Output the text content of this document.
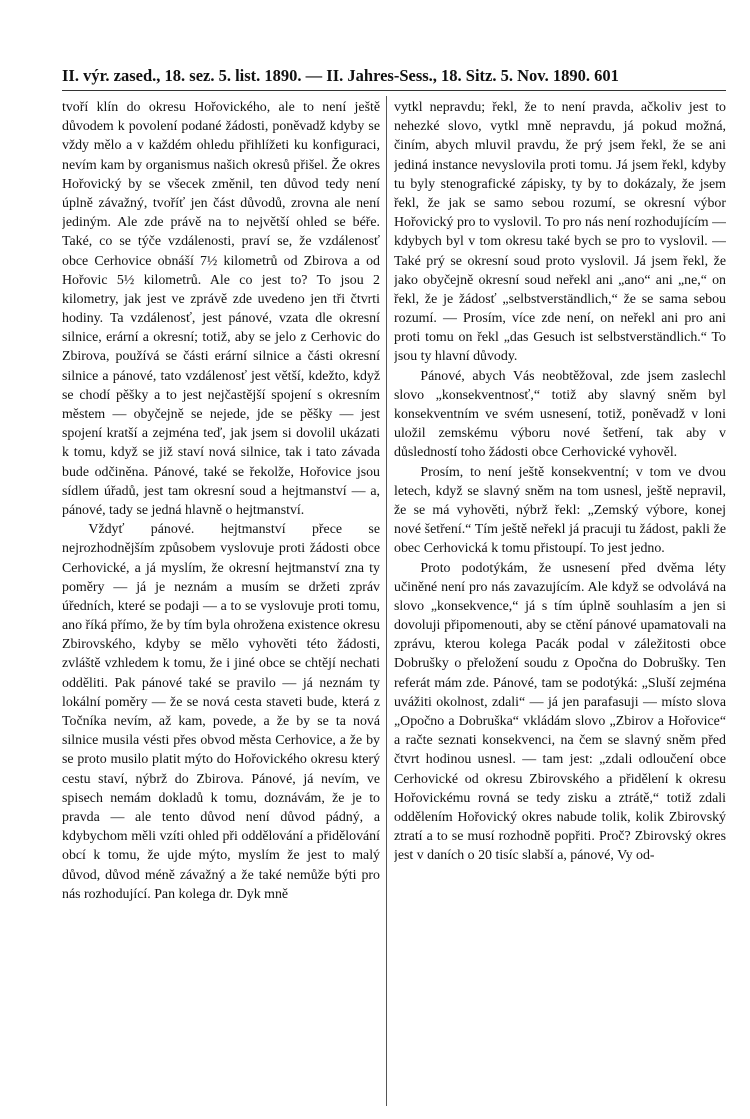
II. výr. zased., 18. sez. 5. list. 1890. — II. Jahres-Sess., 18. Sitz. 5. Nov. 1890. 601

tvoří klín do okresu Hořovického, ale to není ještě důvodem k povolení podané žádosti, poněvadž kdyby se vždy mělo a v každém ohledu přihlížeti ku konfiguraci, nevím kam by organismus našich okresů přišel. Že okres Hořovický by se všecek změnil, ten důvod tedy není úplně závažný, tvoříť jen část důvodů, zrovna ale není jediným. Ale zde právě na to největší ohled se béře. Také, co se týče vzdálenosti, praví se, že vzdálenosť obce Cerhovice obnáší 7½ kilometrů od Zbirova a od Hořovic 5½ kilometrů. Ale co jest to? To jsou 2 kilometry, jak jest ve zprávě zde uvedeno jen tři čtvrti hodiny. Ta vzdálenosť, jest pánové, vzata dle okresní silnice, erární a okresní; totiž, aby se jelo z Cerhovic do Zbirova, používá se části erární silnice a části okresní silnice a pánové, tato vzdálenosť jest větší, kdežto, když se chodí pěšky a to jest nejčastější spojení s okresním městem — obyčejně se nejede, jde se pěšky — jest spojení kratší a zejména teď, jak jsem si dovolil ukázati k tomu, když se již staví nová silnice, tak i tato závada bude odčiněna. Pánové, také se řekolže, Hořovice jsou sídlem úřadů, jest tam okresní soud a hejtmanství — a, pánové, tady se jedná hlavně o hejtmanství.

Vždyť pánové. hejtmanství přece se nejrozhodnějším způsobem vyslovuje proti žádosti obce Cerhovické, a já myslím, že okresní hejtmanství zna ty poměry — já je neznám a musím se držeti zpráv úředních, které se podaji — a to se vyslovuje proti tomu, ano říká přímo, že by tím byla ohrožena existence okresu Zbirovského, kdyby se mělo vyhověti této žádosti, zvláště vzhledem k tomu, že i jiné obce se chtějí nechati odděliti. Pak pánové také se pravilo — já neznám ty lokální poměry — že se nová cesta staveti bude, která z Točníka nevím, až kam, povede, a že by se ta nová silnice musila vésti přes obvod města Cerhovice, a že by se proto musilo platit mýto do Hořovického okresu který cestu staví, nýbrž do Zbirova. Pánové, já nevím, ve spisech nemám dokladů k tomu, doznávám, že je to pravda — ale tento důvod není důvod pádný, a kdybychom měli vzíti ohled při oddělování a přidělování obcí k tomu, že ujde mýto, myslím že jest to malý důvod, důvod méně závažný a že také nemůže býti pro nás rozhodující. Pan kolega dr. Dyk mně

vytkl nepravdu; řekl, že to není pravda, ačkoliv jest to nehezké slovo, vytkl mně nepravdu, já pokud možná, činím, abych mluvil pravdu, že prý jsem řekl, že se ani jediná instance nevyslovila proti tomu. Já jsem řekl, kdyby tu byly stenografické zápisky, ty by to dokázaly, že jsem řekl, že jak se samo sebou rozumí, se okresní výbor Hořovický pro to vyslovil. To pro nás není rozhodujícím — kdybych byl v tom okresu také bych se pro to vyslovil. — Také prý se okresní soud proto vyslovil. Já jsem řekl, že jako obyčejně okresní soud neřekl ani „ano“ ani „ne,“ on řekl, že je žádosť „selbstverständlich,“ že se sama sebou rozumí. — Prosím, více zde není, on neřekl ani pro ani proti tomu on řekl „das Gesuch ist selbstverständlich.“ To jsou ty hlavní důvody.

Pánové, abych Vás neobtěžoval, zde jsem zaslechl slovo „konsekventnosť,“ totiž aby slavný sněm byl konsekventním ve svém usnesení, totiž, poněvadž v loni uložil zemskému výboru nové šetření, tak aby v důsledností toho žádosti obce Cerhovické vyhověl.

Prosím, to není ještě konsekventní; v tom ve dvou letech, když se slavný sněm na tom usnesl, ještě nepravil, že se má vyhověti, nýbrž řekl: „Zemský výbore, konej nové šetření.“ Tím ještě neřekl já pracuji tu žádost, pakli že obec Cerhovická k tomu přistoupí. To jest jedno.

Proto podotýkám, že usnesení před dvěma léty učiněné není pro nás zavazujícím. Ale když se odvolává na slovo „konsekvence,“ já s tím úplně souhlasím a jen si dovoluji připomenouti, aby se ctění pánové upamatovali na zprávu, kterou kolega Pacák podal v záležitosti obce Dobrušky o přeložení soudu z Opočna do Dobrušky. Ten referát mám zde. Pánové, tam se podotýká: „Sluší zejména uvážiti okolnost, zdali“ — já jen parafasuji — místo slova „Opočno a Dobruška“ vkládám slovo „Zbirov a Hořovice“ a račte seznati konsekvenci, na čem se slavný sněm před čtvrt hodinou usnesl. — tam jest: „zdali odloučení obce Cerhovické od okresu Zbirovského a přidělení k okresu Hořovickému rovná se tedy zisku a ztrátě,“ totiž zdali oddělením Hořovický okres nabude tolik, kolik Zbirovský ztratí a to se musí rozhodně popřiti. Proč? Zbirovský okres jest v daních o 20 tisíc slabší a, pánové, Vy od-
